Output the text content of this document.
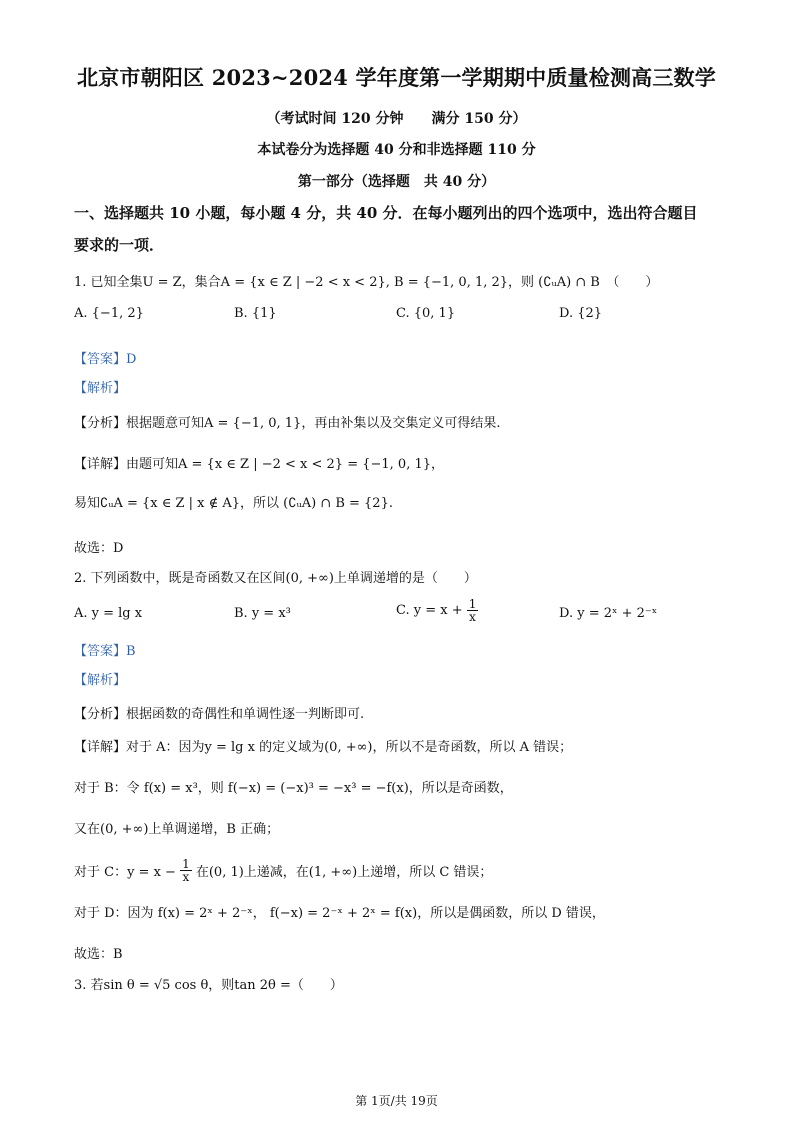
北京市朝阳区 2023~2024 学年度第一学期期中质量检测高三数学
（考试时间 120 分钟　　满分 150 分）
本试卷分为选择题 40 分和非选择题 110 分
第一部分（选择题　共 40 分）
一、选择题共 10 小题，每小题 4 分，共 40 分．在每小题列出的四个选项中，选出符合题目
要求的一项．
1. 已知全集U = Z，集合A = {x ∈ Z | −2 < x < 2}, B = {−1, 0, 1, 2}，则 (∁ᵤA) ∩ B　（　　）
A. {−1, 2}	B. {1}	C. {0, 1}	D. {2}
【答案】D
【解析】
【分析】根据题意可知A = {−1, 0, 1}，再由补集以及交集定义可得结果.
【详解】由题可知A = {x ∈ Z | −2 < x < 2} = {−1, 0, 1}，
易知∁ᵤA = {x ∈ Z | x ∉ A}，所以 (∁ᵤA) ∩ B = {2}.
故选：D
2. 下列函数中，既是奇函数又在区间(0, +∞)上单调递增的是（　　）
A. y = lg x	B. y = x³	C. $y = x + \frac{1}{x}$	D. y = 2ˣ + 2⁻ˣ
【答案】B
【解析】
【分析】根据函数的奇偶性和单调性逐一判断即可.
【详解】对于 A：因为y = lg x 的定义域为(0, +∞)，所以不是奇函数，所以 A 错误；
对于 B：令 f(x) = x³，则 f(−x) = (−x)³ = −x³ = −f(x)，所以是奇函数，
又在(0, +∞)上单调递增，B 正确；
对于 C：$y = x - \frac{1}{x}$ 在(0, 1)上递减，在(1, +∞)上递增，所以 C 错误；
对于 D：因为 f(x) = 2ˣ + 2⁻ˣ， f(−x) = 2⁻ˣ + 2ˣ = f(x)，所以是偶函数，所以 D 错误，
故选：B
3. 若sin θ = √5 cos θ，则tan 2θ =（　　）
第 1页/共 19页
